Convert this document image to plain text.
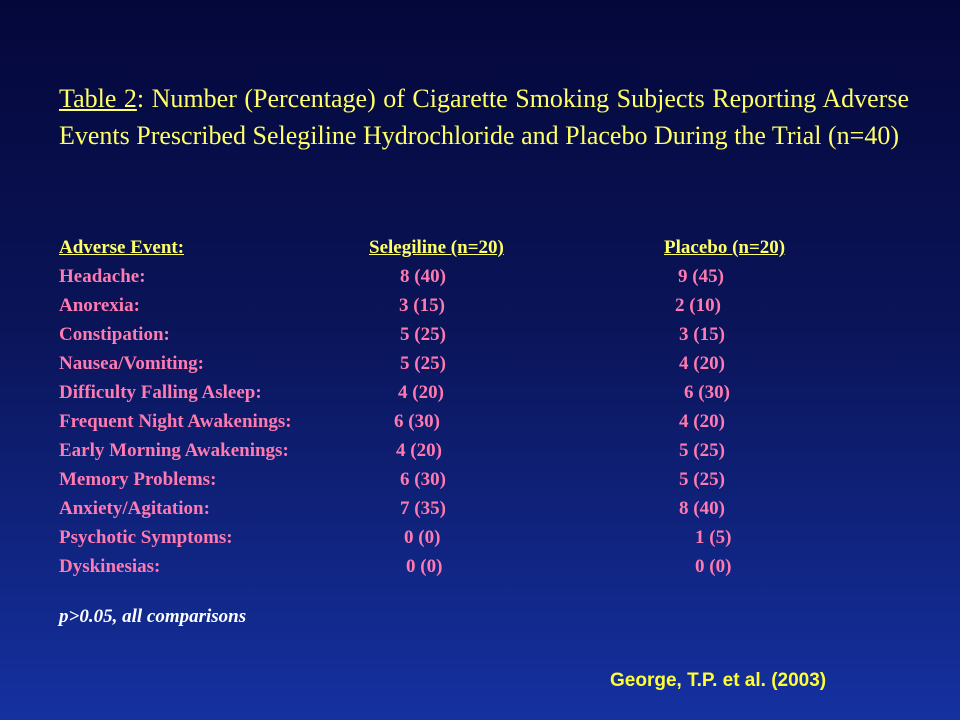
Table 2: Number (Percentage) of Cigarette Smoking Subjects Reporting Adverse Events Prescribed Selegiline Hydrochloride and Placebo During the Trial (n=40)

Adverse Event:	Selegiline (n=20)	Placebo (n=20)
Headache:	8 (40)	9 (45)
Anorexia:	3 (15)	2 (10)
Constipation:	5 (25)	3 (15)
Nausea/Vomiting:	5 (25)	4 (20)
Difficulty Falling Asleep:	4 (20)	6 (30)
Frequent Night Awakenings:	6 (30)	4 (20)
Early Morning Awakenings:	4 (20)	5 (25)
Memory Problems:	6 (30)	5 (25)
Anxiety/Agitation:	7 (35)	8 (40)
Psychotic Symptoms:	0 (0)	1 (5)
Dyskinesias:	0 (0)	0 (0)
p>0.05, all comparisons
George, T.P. et al. (2003)
